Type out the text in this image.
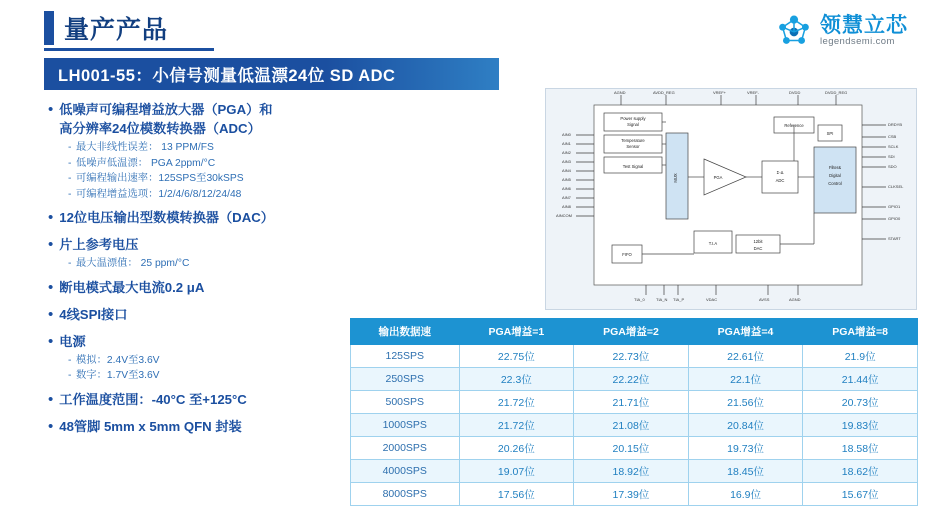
量产产品	领慧立芯
legendsemi.com
LH001-55：小信号测量低温漂24位 SD ADC
• 低噪声可编程增益放大器（PGA）和
高分辨率24位模数转换器（ADC）
- 最大非线性误差： 13 PPM/FS
- 低噪声低温漂： PGA 2ppm/°C
- 可编程输出速率：125SPS至30kSPS
- 可编程增益选项：1/2/4/6/8/12/24/48
• 12位电压输出型数模转换器（DAC）
• 片上参考电压
- 最大温漂值： 25 ppm/°C
• 断电模式最大电流0.2 μA
• 4线SPI接口
• 电源
- 模拟：2.4V至3.6V
- 数字：1.7V至3.6V
• 工作温度范围：-40°C 至+125°C
• 48管脚 5mm x 5mm QFN 封装
Power supply
Signal
Temperature
Sensor
Test Signal
MUX	PGA
Σ-Δ
ADC
Reference
Filter&
Digital
Control
SPI
12bit
DAC
FIFO
T.I.A
AGND	AVDD_REG	VREF+	VREF-	DVDD	DVDD_REG
AIN0
AIN1
AIN2
AIN3
AIN4
AIN5
AIN6
AIN7
AIN8
AINCOM
DRDYB
CSB
SCLK
SDI
SDO
CLKSEL
GPIO1
GPIO0
START
TIA_0	TIA_N TIA_P	VDAC	AVSS	AGND
输出数据速	PGA增益=1	PGA增益=2	PGA增益=4	PGA增益=8
125SPS	22.75位	22.73位	22.61位	21.9位
250SPS	22.3位	22.22位	22.1位	21.44位
500SPS	21.72位	21.71位	21.56位	20.73位
1000SPS	21.72位	21.08位	20.84位	19.83位
2000SPS	20.26位	20.15位	19.73位	18.58位
4000SPS	19.07位	18.92位	18.45位	18.62位
8000SPS	17.56位	17.39位	16.9位	15.67位
